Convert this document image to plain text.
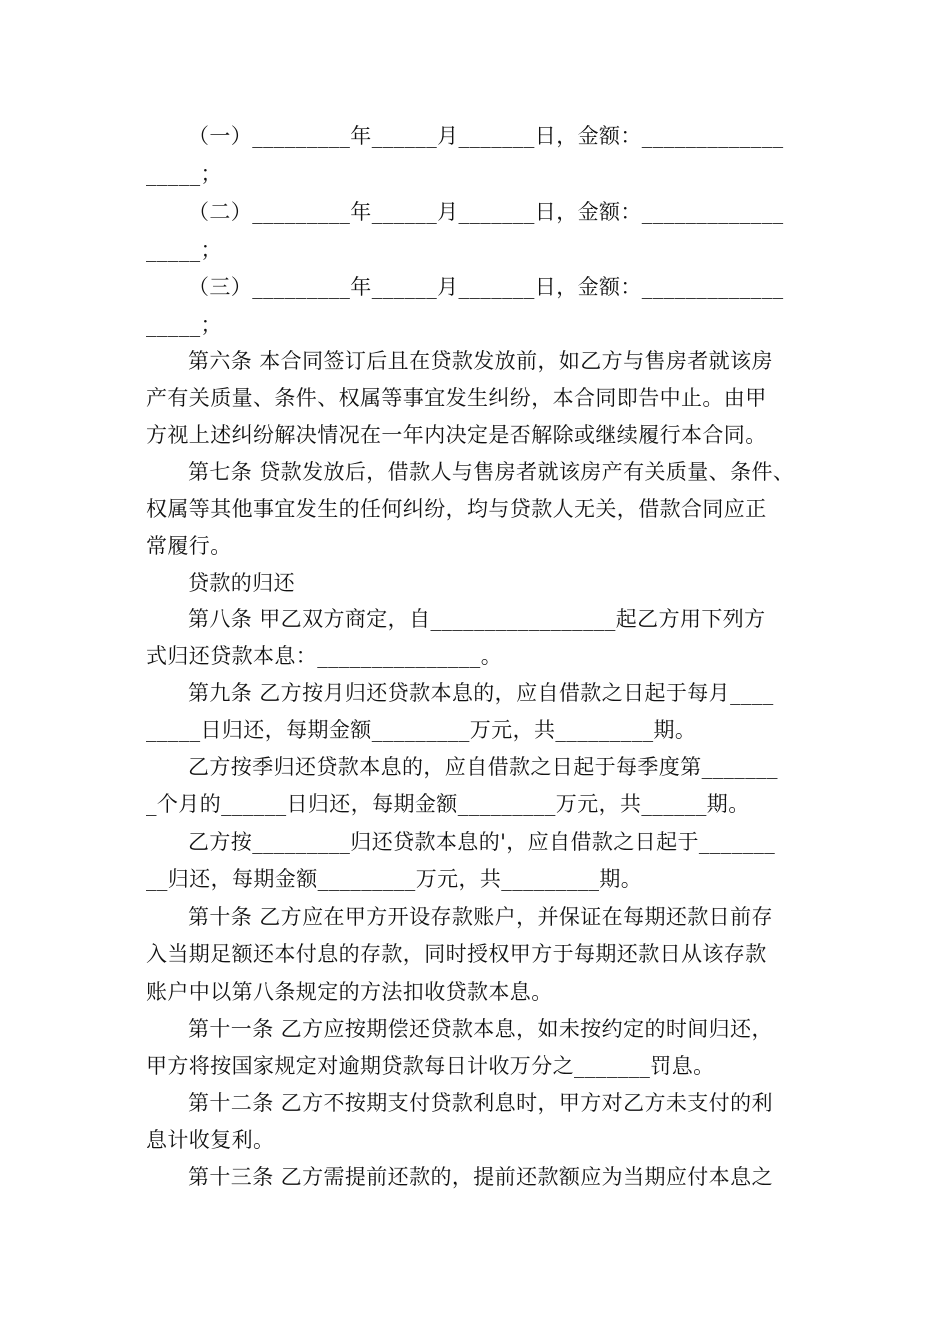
（一）_________年______月_______日，金额：_____________
_____；
（二）_________年______月_______日，金额：_____________
_____；
（三）_________年______月_______日，金额：_____________
_____；
第六条 本合同签订后且在贷款发放前，如乙方与售房者就该房
产有关质量、条件、权属等事宜发生纠纷，本合同即告中止。由甲
方视上述纠纷解决情况在一年内决定是否解除或继续履行本合同。
第七条 贷款发放后，借款人与售房者就该房产有关质量、条件、
权属等其他事宜发生的任何纠纷，均与贷款人无关，借款合同应正
常履行。
贷款的归还
第八条 甲乙双方商定，自_________________起乙方用下列方
式归还贷款本息：_______________。
第九条 乙方按月归还贷款本息的，应自借款之日起于每月____
_____日归还，每期金额_________万元，共_________期。
乙方按季归还贷款本息的，应自借款之日起于每季度第_______
_个月的______日归还，每期金额_________万元，共______期。
乙方按_________归还贷款本息的'，应自借款之日起于_______
__归还，每期金额_________万元，共_________期。
第十条 乙方应在甲方开设存款账户，并保证在每期还款日前存
入当期足额还本付息的存款，同时授权甲方于每期还款日从该存款
账户中以第八条规定的方法扣收贷款本息。
第十一条 乙方应按期偿还贷款本息，如未按约定的时间归还，
甲方将按国家规定对逾期贷款每日计收万分之_______罚息。
第十二条 乙方不按期支付贷款利息时，甲方对乙方未支付的利
息计收复利。
第十三条 乙方需提前还款的，提前还款额应为当期应付本息之
